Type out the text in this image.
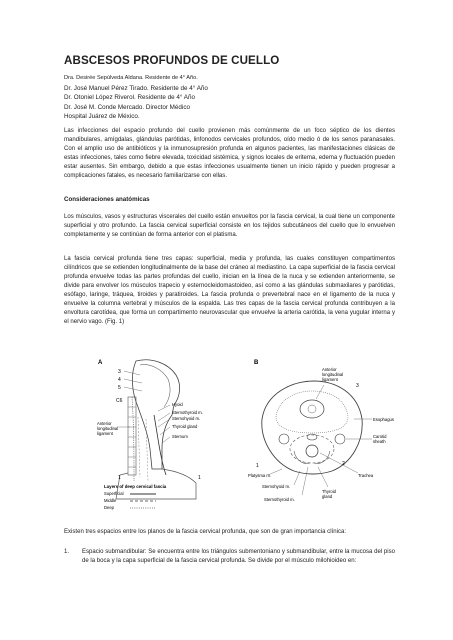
ABSCESOS PROFUNDOS DE CUELLO
Dra. Desirée Sepúlveda Aldana. Residente de 4° Año.
Dr. José Manuel Pérez Tirado. Residente de 4° Año
Dr. Otoniel López Riverol. Residente de 4° Año
Dr. José M. Conde Mercado. Director Médico
Hospital Juárez de México.

Las infecciones del espacio profundo del cuello provienen más comúnmente de un foco séptico de los dientes mandibulares, amígdalas, glándulas parótidas, linfonodos cervicales profundos, oído medio ó de los senos paranasales. Con el amplio uso de antibióticos y la inmunosupresión profunda en algunos pacientes, las manifestaciones clásicas de estas infecciones, tales como fiebre elevada, toxicidad sistémica, y signos locales de eritema, edema y fluctuación pueden estar ausentes. Sin embargo, debido a que estas infecciones usualmente tienen un inicio rápido y pueden progresar a complicaciones fatales, es necesario familiarizarse con ellas.

Consideraciones anatómicas

Los músculos, vasos y estructuras viscerales del cuello están envueltos por la fascia cervical, la cual tiene un componente superficial y otro profundo. La fascia cervical superficial consiste en los tejidos subcutáneos del cuello que lo envuelven completamente y se continúan de forma anterior con el platisma.

La fascia cervical profunda tiene tres capas: superficial, media y profunda, las cuales constituyen compartimentos cilíndricos que se extienden longitudinalmente de la base del cráneo al mediastino. La capa superficial de la fascia cervical profunda envuelve todas las partes profundas del cuello, inician en la línea de la nuca y se extienden anteriormente, se divide para envolver los músculos trapecio y esternocleidomastoideo, así como a las glándulas submaxilares y parótidas, esófago, laringe, tráquea, tiroides y paratiroides. La fascia profunda o prevertebral nace en el ligamento de la nuca y envuelve la columna vertebral y músculos de la espalda. Las tres capas de la fascia cervical profunda contribuyen a la envoltura carotídea, que forma un compartimento neurovascular que envuelve la arteria carótida, la vena yugular interna y el nervio vago. (Fig. 1)

A
3
4
5
C6
Hyoid
Sternothyroid m.
Sternohyoid m.
Thyroid gland
Sternum
Anterior
longitudinal
ligament
1	1
Layers of deep cervical fascia
Superficial
Middle
Deep
B
Anterior
longitudinal
ligament
3
Esophagus
Carotid
sheath
Trachea
Platysma m.
2
1
Sternohyoid m.
Sternothyroid m.
Thyroid
gland

Existen tres espacios entre los planos de la fascia cervical profunda, que son de gran importancia clínica:

1. Espacio submandibular: Se encuentra entre los triángulos submentoniano y submandibular, entre la mucosa del piso de la boca y la capa superficial de la fascia cervical profunda. Se divide por el músculo milohioideo en:
